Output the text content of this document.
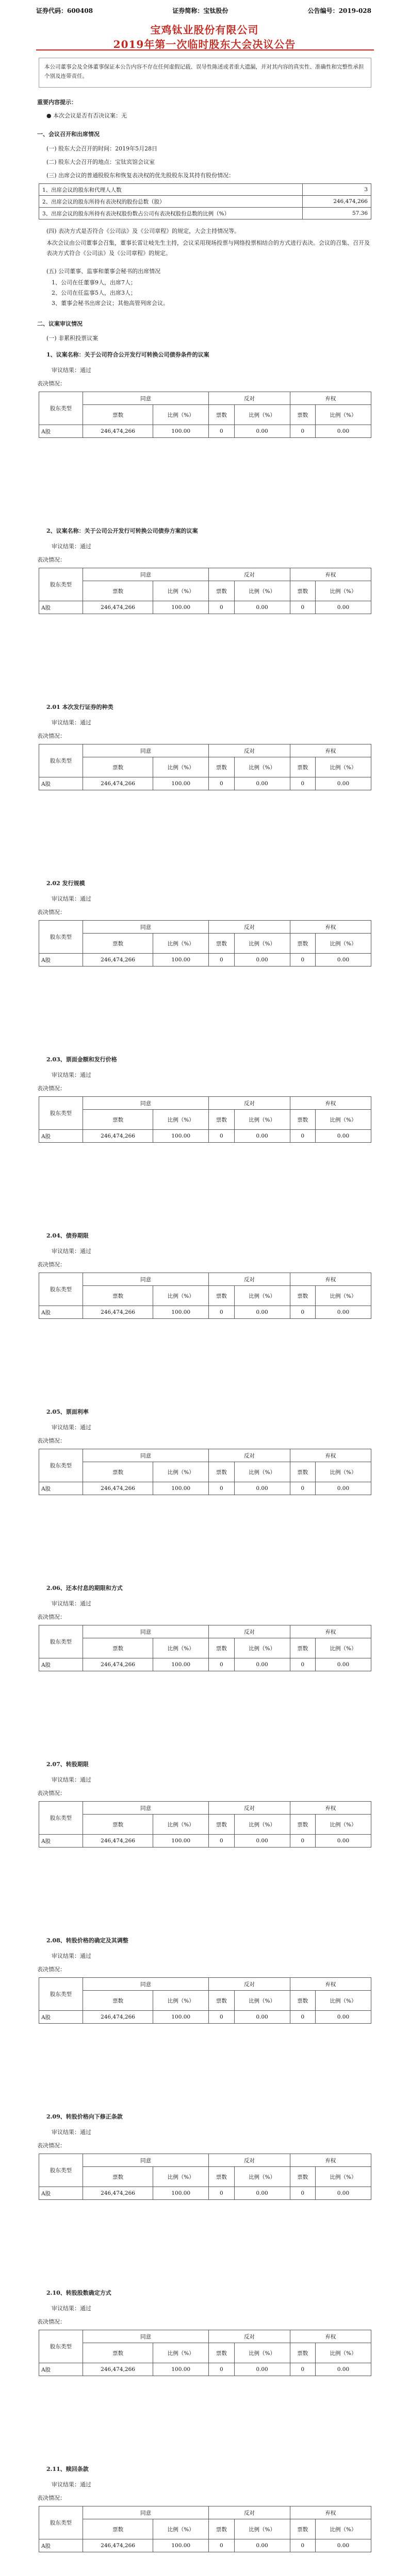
证券代码：600408	证券简称：宝钛股份	公告编号：2019-028
宝鸡钛业股份有限公司
2019年第一次临时股东大会决议公告
本公司董事会及全体董事保证本公告内容不存在任何虚假记载、误导性陈述或者重大遗漏，并对其内容的真实性、准确性和完整性承担个别及连带责任。
重要内容提示：
● 本次会议是否有否决议案：无
一、会议召开和出席情况
(一) 股东大会召开的时间：2019年5月28日
(二) 股东大会召开的地点：宝钛宾馆会议室
(三) 出席会议的普通股股东和恢复表决权的优先股股东及其持有股份情况：
1、出席会议的股东和代理人人数	3
2、出席会议的股东所持有表决权的股份总数（股）	246,474,266
3、出席会议的股东所持有表决权股份数占公司有表决权股份总数的比例（%）	57.36
(四) 表决方式是否符合《公司法》及《公司章程》的规定，大会主持情况等。
本次会议由公司董事会召集，董事长雷让岐先生主持，会议采用现场投票与网络投票相结合的方式进行表决。会议的召集、召开及表决方式符合《公司法》及《公司章程》的规定。
(五) 公司董事、监事和董事会秘书的出席情况
1、公司在任董事9人，出席7人；
2、公司在任监事5人，出席3人；
3、董事会秘书出席会议；其他高管列席会议。
二、议案审议情况
(一) 非累积投票议案
1、议案名称：关于公司符合公开发行可转换公司债券条件的议案
审议结果：通过
表决情况：
股东类型	同意		反对		弃权	
	票数	比例（%）	票数	比例（%）	票数	比例（%）
A股	246,474,266	100.00	0	0.00	0	0.00
2、议案名称：关于公司公开发行可转换公司债券方案的议案
审议结果：通过
表决情况：
股东类型	同意		反对		弃权	
	票数	比例（%）	票数	比例（%）	票数	比例（%）
A股	246,474,266	100.00	0	0.00	0	0.00
2.01 本次发行证券的种类
审议结果：通过
表决情况：
股东类型	同意		反对		弃权	
	票数	比例（%）	票数	比例（%）	票数	比例（%）
A股	246,474,266	100.00	0	0.00	0	0.00
2.02 发行规模
审议结果：通过
表决情况：
股东类型	同意		反对		弃权	
	票数	比例（%）	票数	比例（%）	票数	比例（%）
A股	246,474,266	100.00	0	0.00	0	0.00
2.03、票面金额和发行价格
审议结果：通过
表决情况：
股东类型	同意		反对		弃权	
	票数	比例（%）	票数	比例（%）	票数	比例（%）
A股	246,474,266	100.00	0	0.00	0	0.00
2.04、债券期限
审议结果：通过
表决情况：
股东类型	同意		反对		弃权	
	票数	比例（%）	票数	比例（%）	票数	比例（%）
A股	246,474,266	100.00	0	0.00	0	0.00
2.05、票面利率
审议结果：通过
表决情况：
股东类型	同意		反对		弃权	
	票数	比例（%）	票数	比例（%）	票数	比例（%）
A股	246,474,266	100.00	0	0.00	0	0.00
2.06、还本付息的期限和方式
审议结果：通过
表决情况：
股东类型	同意		反对		弃权	
	票数	比例（%）	票数	比例（%）	票数	比例（%）
A股	246,474,266	100.00	0	0.00	0	0.00
2.07、转股期限
审议结果：通过
表决情况：
股东类型	同意		反对		弃权	
	票数	比例（%）	票数	比例（%）	票数	比例（%）
A股	246,474,266	100.00	0	0.00	0	0.00
2.08、转股价格的确定及其调整
审议结果：通过
表决情况：
股东类型	同意		反对		弃权	
	票数	比例（%）	票数	比例（%）	票数	比例（%）
A股	246,474,266	100.00	0	0.00	0	0.00
2.09、转股价格向下修正条款
审议结果：通过
表决情况：
股东类型	同意		反对		弃权	
	票数	比例（%）	票数	比例（%）	票数	比例（%）
A股	246,474,266	100.00	0	0.00	0	0.00
2.10、转股股数确定方式
审议结果：通过
表决情况：
股东类型	同意		反对		弃权	
	票数	比例（%）	票数	比例（%）	票数	比例（%）
A股	246,474,266	100.00	0	0.00	0	0.00
2.11、赎回条款
审议结果：通过
表决情况：
股东类型	同意		反对		弃权	
	票数	比例（%）	票数	比例（%）	票数	比例（%）
A股	246,474,266	100.00	0	0.00	0	0.00
